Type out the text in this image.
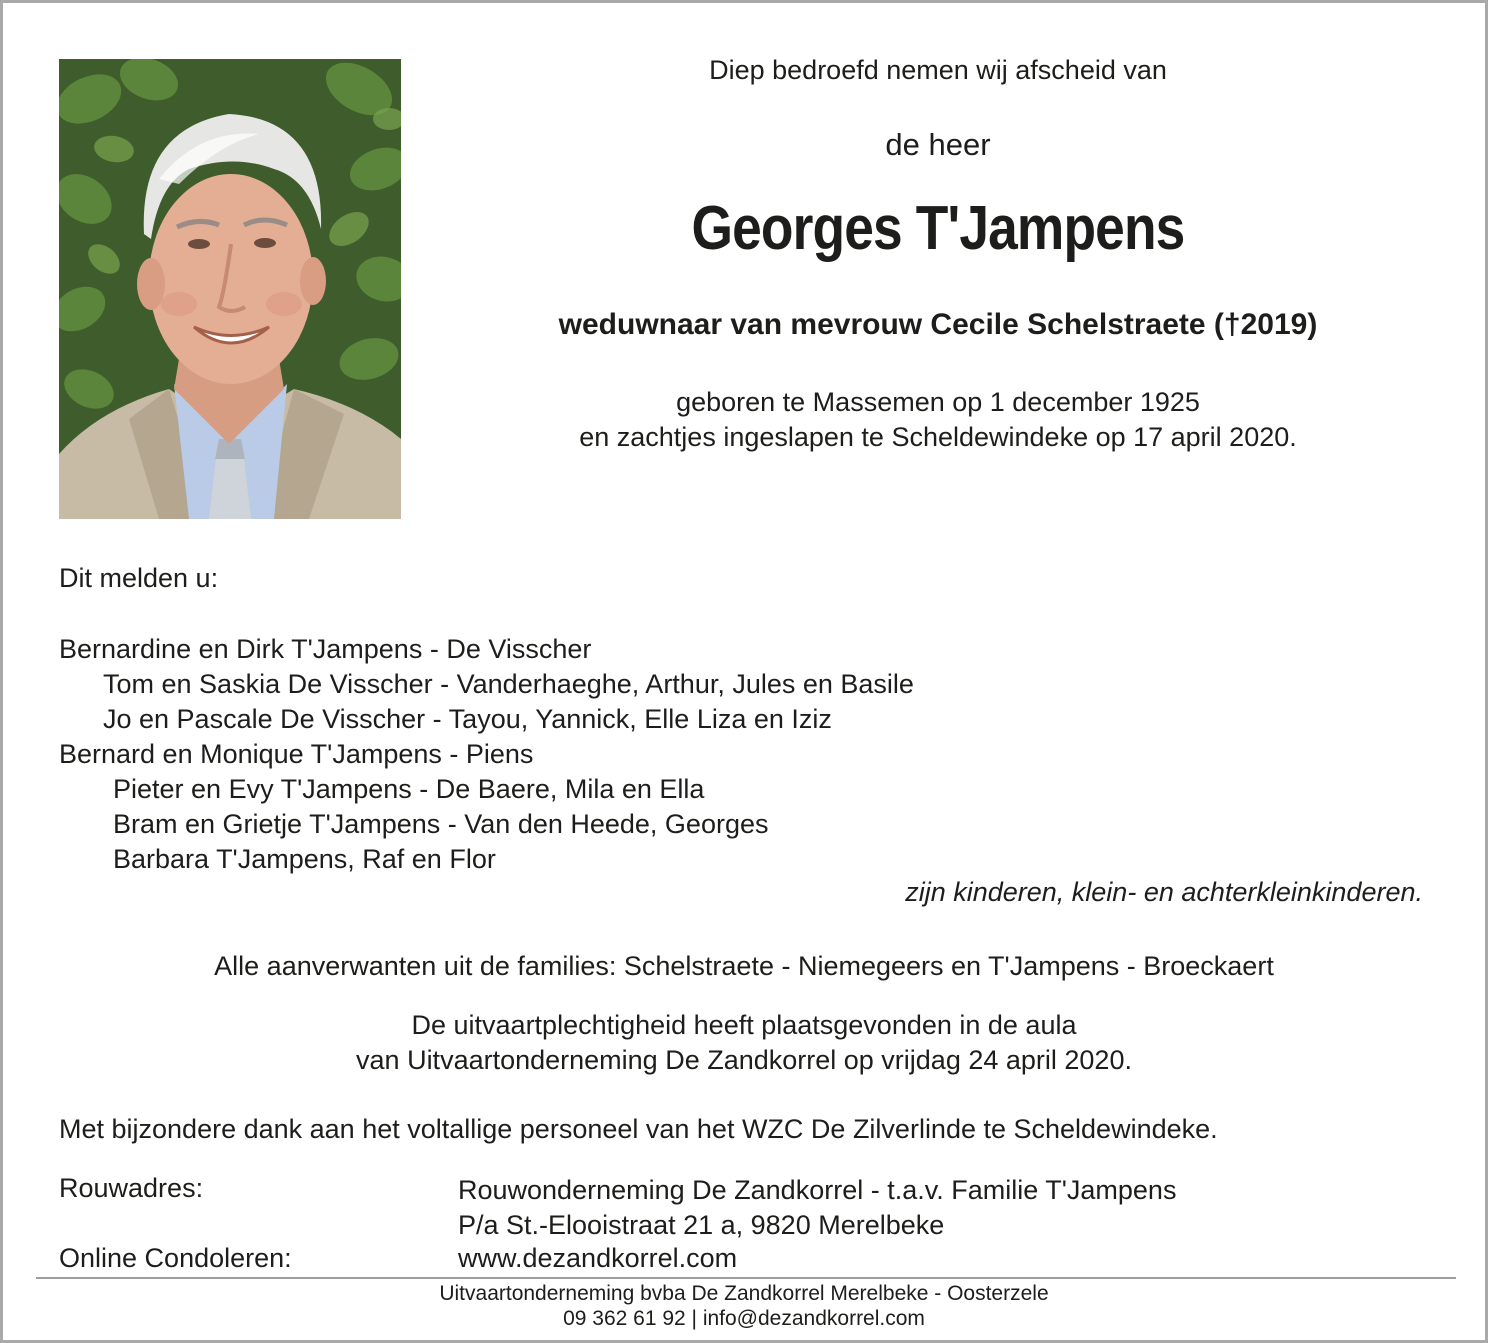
Diep bedroefd nemen wij afscheid van
de heer
Georges T'Jampens
weduwnaar van mevrouw Cecile Schelstraete (†2019)
geboren te Massemen op 1 december 1925
en zachtjes ingeslapen te Scheldewindeke op 17 april 2020.
Dit melden u:
Bernardine en Dirk T'Jampens - De Visscher
Tom en Saskia De Visscher - Vanderhaeghe, Arthur, Jules en Basile
Jo en Pascale De Visscher - Tayou, Yannick, Elle Liza en Iziz
Bernard en Monique T'Jampens - Piens
Pieter en Evy T'Jampens - De Baere, Mila en Ella
Bram en Grietje T'Jampens - Van den Heede, Georges
Barbara T'Jampens, Raf en Flor
zijn kinderen, klein- en achterkleinkinderen.
Alle aanverwanten uit de families: Schelstraete - Niemegeers en T'Jampens - Broeckaert
De uitvaartplechtigheid heeft plaatsgevonden in de aula
van Uitvaartonderneming De Zandkorrel op vrijdag 24 april 2020.
Met bijzondere dank aan het voltallige personeel van het WZC De Zilverlinde te Scheldewindeke.
Rouwadres:	Rouwonderneming De Zandkorrel - t.a.v. Familie T'Jampens
P/a St.-Elooistraat 21 a, 9820 Merelbeke
Online Condoleren:	www.dezandkorrel.com
Uitvaartonderneming bvba De Zandkorrel Merelbeke - Oosterzele
09 362 61 92 | info@dezandkorrel.com
